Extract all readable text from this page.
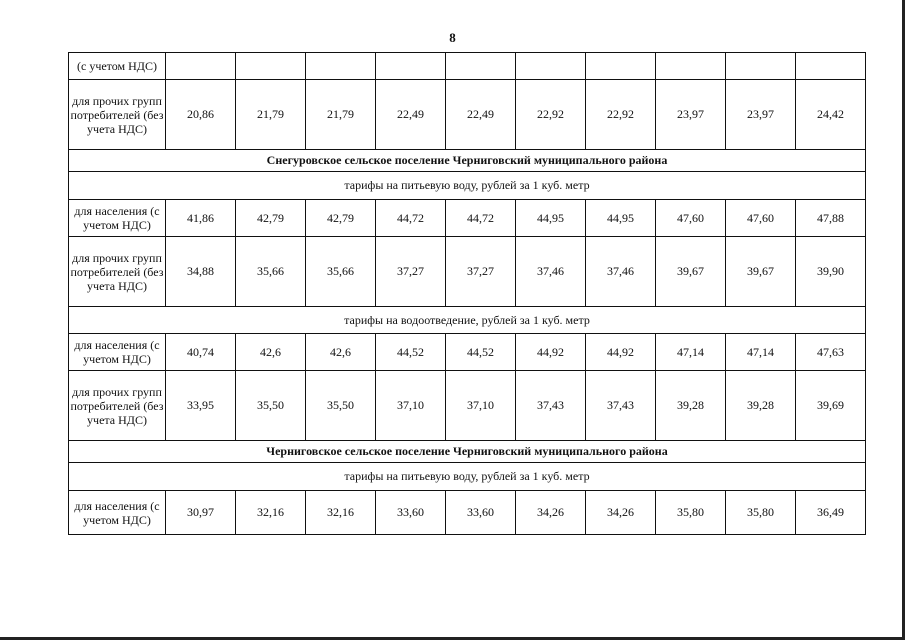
8
(с учетом НДС)										
для прочих групп потребителей (без учета НДС)	20,86	21,79	21,79	22,49	22,49	22,92	22,92	23,97	23,97	24,42
Снегуровское сельское поселение Черниговский муниципального района										
тарифы на питьевую воду, рублей за 1 куб. метр										
для населения (с учетом НДС)	41,86	42,79	42,79	44,72	44,72	44,95	44,95	47,60	47,60	47,88
для прочих групп потребителей (без учета НДС)	34,88	35,66	35,66	37,27	37,27	37,46	37,46	39,67	39,67	39,90
тарифы на водоотведение, рублей за 1 куб. метр										
для населения (с учетом НДС)	40,74	42,6	42,6	44,52	44,52	44,92	44,92	47,14	47,14	47,63
для прочих групп потребителей (без учета НДС)	33,95	35,50	35,50	37,10	37,10	37,43	37,43	39,28	39,28	39,69
Черниговское сельское поселение Черниговский муниципального района										
тарифы на питьевую воду, рублей за 1 куб. метр										
для населения (с учетом НДС)	30,97	32,16	32,16	33,60	33,60	34,26	34,26	35,80	35,80	36,49
